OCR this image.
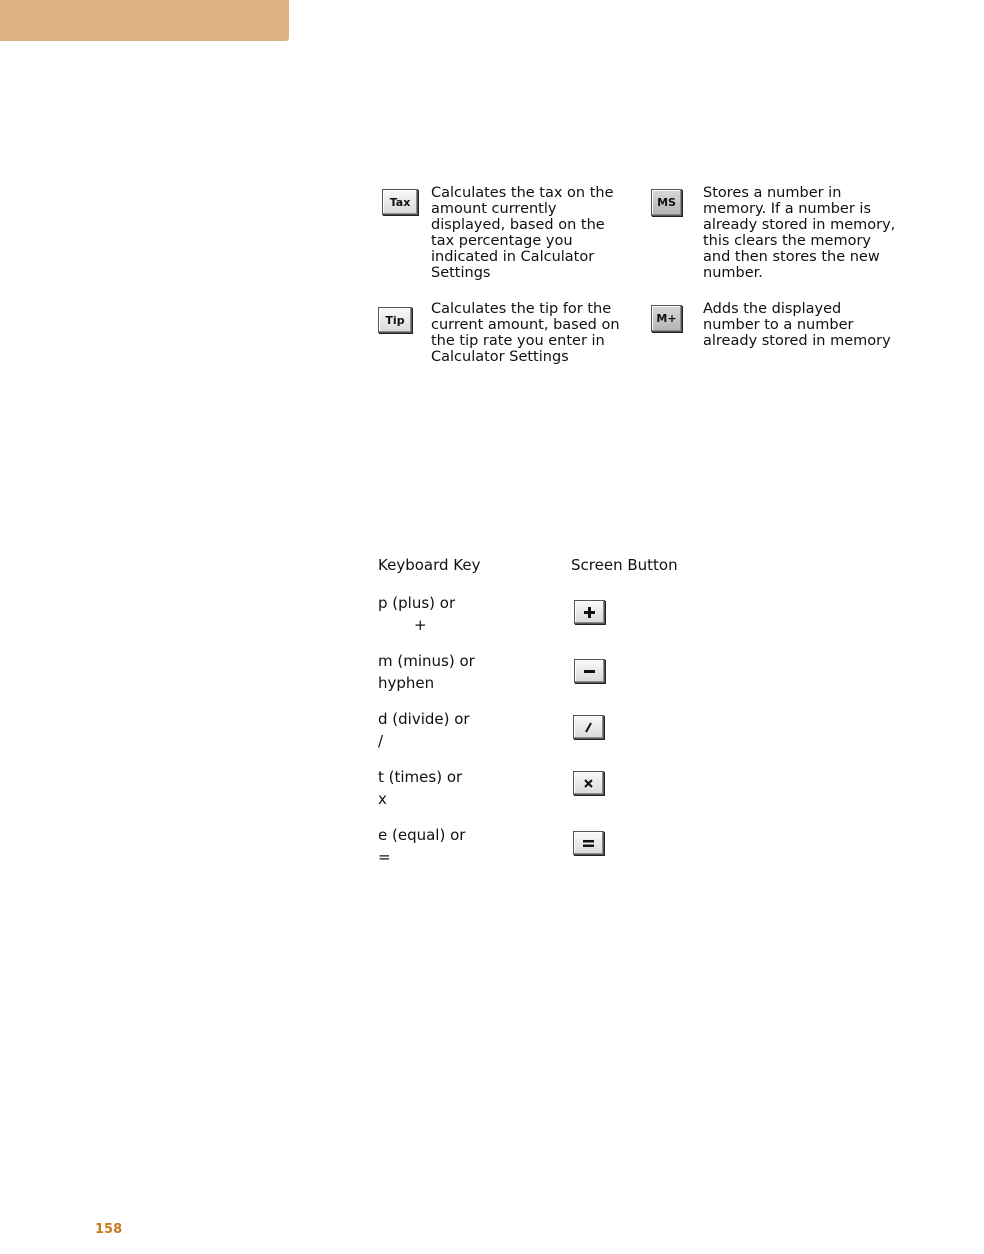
Tax
Calculates the tax on the amount currently displayed, based on the tax percentage you indicated in Calculator Settings
MS
Stores a number in memory. If a number is already stored in memory, this clears the memory and then stores the new number.
Tip
Calculates the tip for the current amount, based on the tip rate you enter in Calculator Settings
M+
Adds the displayed number to a number already stored in memory
Keyboard Key	Screen Button
p (plus) or
+
m (minus) or
hyphen
d (divide) or
/
t (times) or
x
e (equal) or
=
158
